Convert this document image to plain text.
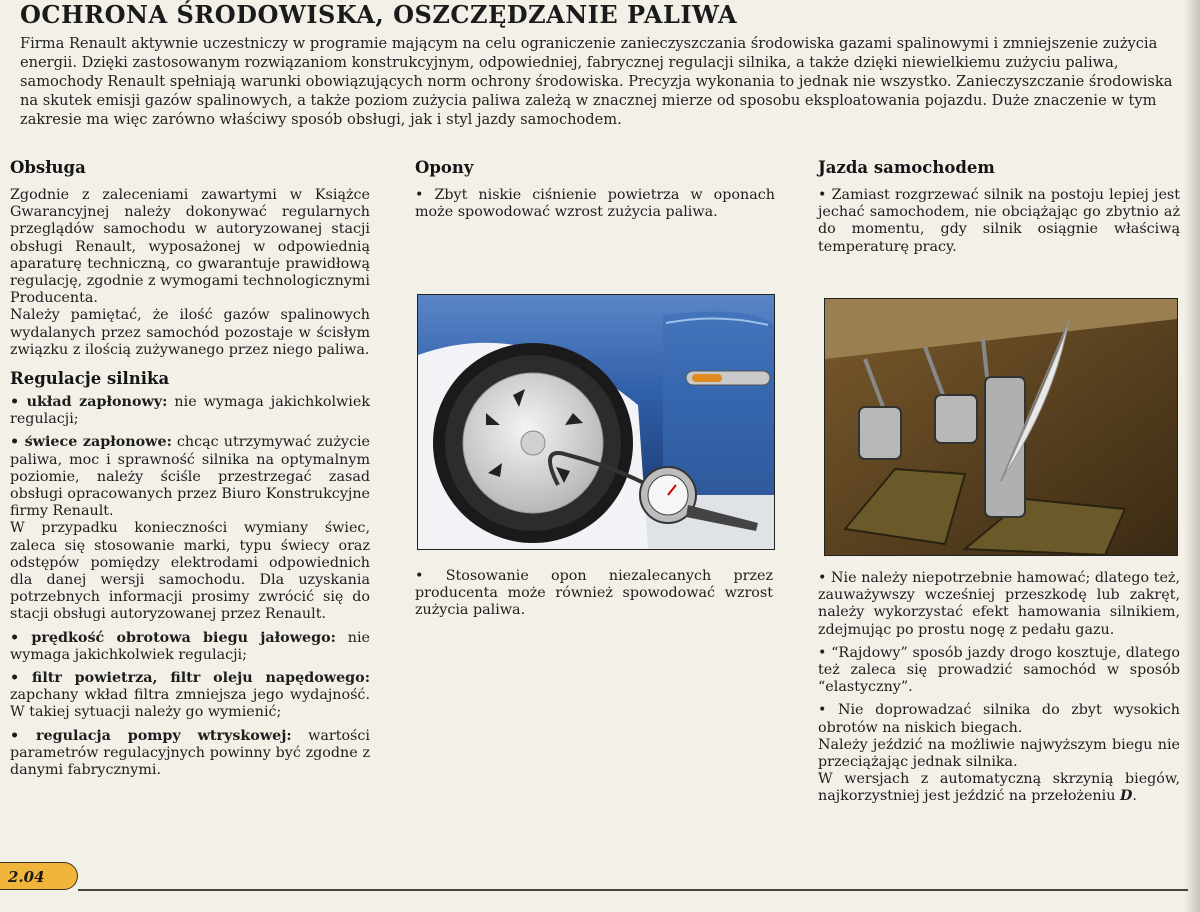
OCHRONA ŚRODOWISKA, OSZCZĘDZANIE PALIWA

Firma Renault aktywnie uczestniczy w programie mającym na celu ograniczenie zanieczyszczania środowiska gazami spalinowymi i zmniejszenie zużycia energii. Dzięki zastosowanym rozwiązaniom konstrukcyjnym, odpowiedniej, fabrycznej regulacji silnika, a także dzięki niewielkiemu zużyciu paliwa, samochody Renault spełniają warunki obowiązujących norm ochrony środowiska. Precyzja wykonania to jednak nie wszystko. Zanieczyszczanie środowiska na skutek emisji gazów spalinowych, a także poziom zużycia paliwa zależą w znacznej mierze od sposobu eksploatowania pojazdu. Duże znaczenie w tym zakresie ma więc zarówno właściwy sposób obsługi, jak i styl jazdy samochodem.

Obsługa

Zgodnie z zaleceniami zawartymi w Książce Gwarancyjnej należy dokonywać regularnych przeglądów samochodu w autoryzowanej stacji obsługi Renault, wyposażonej w odpowiednią aparaturę techniczną, co gwarantuje prawidłową regulację, zgodnie z wymogami technologicznymi Producenta.

Należy pamiętać, że ilość gazów spalinowych wydalanych przez samochód pozostaje w ścisłym związku z ilością zużywanego przez niego paliwa.

Regulacje silnika

• układ zapłonowy: nie wymaga jakichkolwiek regulacji;

• świece zapłonowe: chcąc utrzymywać zużycie paliwa, moc i sprawność silnika na optymalnym poziomie, należy ściśle przestrzegać zasad obsługi opracowanych przez Biuro Konstrukcyjne firmy Renault.

W przypadku konieczności wymiany świec, zaleca się stosowanie marki, typu świecy oraz odstępów pomiędzy elektrodami odpowiednich dla danej wersji samochodu. Dla uzyskania potrzebnych informacji prosimy zwrócić się do stacji obsługi autoryzowanej przez Renault.

• prędkość obrotowa biegu jałowego: nie wymaga jakichkolwiek regulacji;

• filtr powietrza, filtr oleju napędowego: zapchany wkład filtra zmniejsza jego wydajność. W takiej sytuacji należy go wymienić;

• regulacja pompy wtryskowej: wartości parametrów regulacyjnych powinny być zgodne z danymi fabrycznymi.

Opony

• Zbyt niskie ciśnienie powietrza w oponach może spowodować wzrost zużycia paliwa.

• Stosowanie opon niezalecanych przez producenta może również spowodować wzrost zużycia paliwa.

Jazda samochodem

• Zamiast rozgrzewać silnik na postoju lepiej jest jechać samochodem, nie obciążając go zbytnio aż do momentu, gdy silnik osiągnie właściwą temperaturę pracy.

• Nie należy niepotrzebnie hamować; dlatego też, zauważywszy wcześniej przeszkodę lub zakręt, należy wykorzystać efekt hamowania silnikiem, zdejmując po prostu nogę z pedału gazu.

• “Rajdowy” sposób jazdy drogo kosztuje, dlatego też zaleca się prowadzić samochód w sposób “elastyczny”.

• Nie doprowadzać silnika do zbyt wysokich obrotów na niskich biegach.

Należy jeździć na możliwie najwyższym biegu nie przeciążając jednak silnika.

W wersjach z automatyczną skrzynią biegów, najkorzystniej jest jeździć na przełożeniu D.

2.04
